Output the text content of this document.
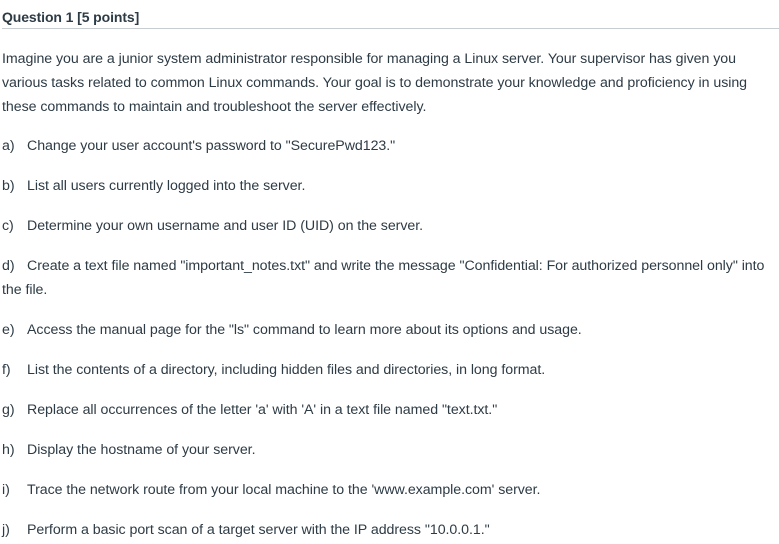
Question 1 [5 points]

Imagine you are a junior system administrator responsible for managing a Linux server. Your supervisor has given you various tasks related to common Linux commands. Your goal is to demonstrate your knowledge and proficiency in using these commands to maintain and troubleshoot the server effectively.

a) Change your user account's password to "SecurePwd123."
b) List all users currently logged into the server.
c) Determine your own username and user ID (UID) on the server.
d) Create a text file named "important_notes.txt" and write the message "Confidential: For authorized personnel only" into the file.
e) Access the manual page for the "ls" command to learn more about its options and usage.
f) List the contents of a directory, including hidden files and directories, in long format.
g) Replace all occurrences of the letter 'a' with 'A' in a text file named "text.txt."
h) Display the hostname of your server.
i) Trace the network route from your local machine to the 'www.example.com' server.
j) Perform a basic port scan of a target server with the IP address "10.0.0.1."
